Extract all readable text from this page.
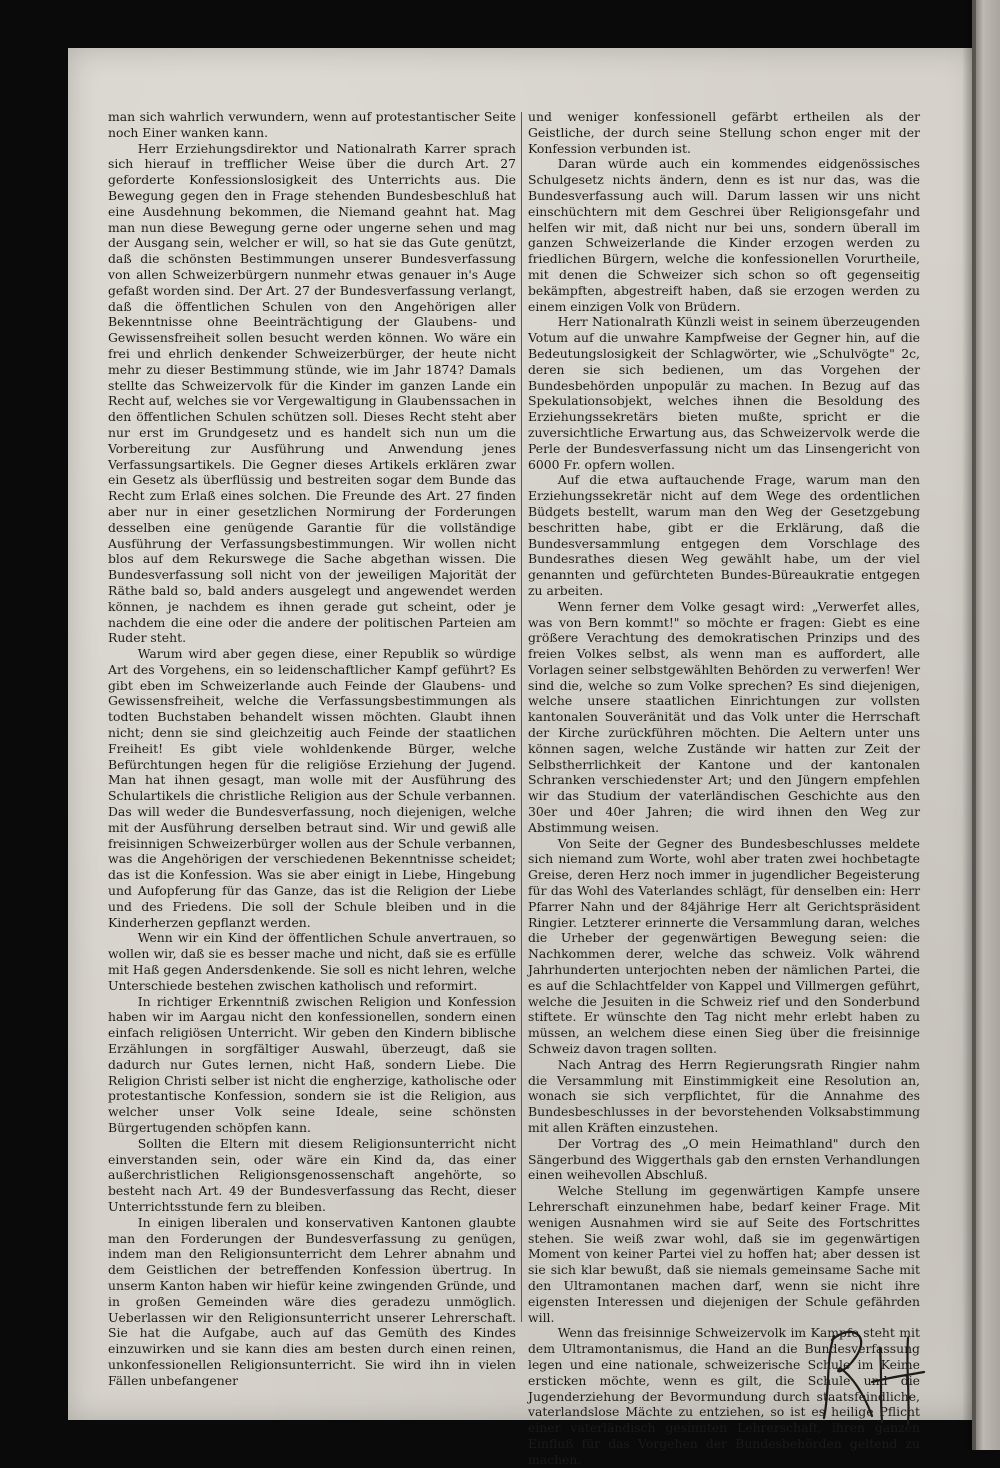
man sich wahrlich verwundern, wenn auf protestantischer Seite noch Einer wanken kann.

Herr Erziehungsdirektor und Nationalrath Karrer sprach sich hierauf in trefflicher Weise über die durch Art. 27 geforderte Konfessionslosigkeit des Unterrichts aus. Die Bewegung gegen den in Frage stehenden Bundesbeschluß hat eine Ausdehnung bekommen, die Niemand geahnt hat. Mag man nun diese Bewegung gerne oder ungerne sehen und mag der Ausgang sein, welcher er will, so hat sie das Gute genützt, daß die schönsten Bestimmungen unserer Bundesverfassung von allen Schweizerbürgern nunmehr etwas genauer in's Auge gefaßt worden sind. Der Art. 27 der Bundesverfassung verlangt, daß die öffentlichen Schulen von den Angehörigen aller Bekenntnisse ohne Beeinträchtigung der Glaubens- und Gewissensfreiheit sollen besucht werden können. Wo wäre ein frei und ehrlich denkender Schweizerbürger, der heute nicht mehr zu dieser Bestimmung stünde, wie im Jahr 1874? Damals stellte das Schweizervolk für die Kinder im ganzen Lande ein Recht auf, welches sie vor Vergewaltigung in Glaubenssachen in den öffentlichen Schulen schützen soll. Dieses Recht steht aber nur erst im Grundgesetz und es handelt sich nun um die Vorbereitung zur Ausführung und Anwendung jenes Verfassungsartikels. Die Gegner dieses Artikels erklären zwar ein Gesetz als überflüssig und bestreiten sogar dem Bunde das Recht zum Erlaß eines solchen. Die Freunde des Art. 27 finden aber nur in einer gesetzlichen Normirung der Forderungen desselben eine genügende Garantie für die vollständige Ausführung der Verfassungsbestimmungen. Wir wollen nicht blos auf dem Rekurswege die Sache abgethan wissen. Die Bundesverfassung soll nicht von der jeweiligen Majorität der Räthe bald so, bald anders ausgelegt und angewendet werden können, je nachdem es ihnen gerade gut scheint, oder je nachdem die eine oder die andere der politischen Parteien am Ruder steht.

Warum wird aber gegen diese, einer Republik so würdige Art des Vorgehens, ein so leidenschaftlicher Kampf geführt? Es gibt eben im Schweizerlande auch Feinde der Glaubens- und Gewissensfreiheit, welche die Verfassungsbestimmungen als todten Buchstaben behandelt wissen möchten. Glaubt ihnen nicht; denn sie sind gleichzeitig auch Feinde der staatlichen Freiheit! Es gibt viele wohldenkende Bürger, welche Befürchtungen hegen für die religiöse Erziehung der Jugend. Man hat ihnen gesagt, man wolle mit der Ausführung des Schulartikels die christliche Religion aus der Schule verbannen. Das will weder die Bundesverfassung, noch diejenigen, welche mit der Ausführung derselben betraut sind. Wir und gewiß alle freisinnigen Schweizerbürger wollen aus der Schule verbannen, was die Angehörigen der verschiedenen Bekenntnisse scheidet; das ist die Konfession. Was sie aber einigt in Liebe, Hingebung und Aufopferung für das Ganze, das ist die Religion der Liebe und des Friedens. Die soll der Schule bleiben und in die Kinderherzen gepflanzt werden.

Wenn wir ein Kind der öffentlichen Schule anvertrauen, so wollen wir, daß sie es besser mache und nicht, daß sie es erfülle mit Haß gegen Andersdenkende. Sie soll es nicht lehren, welche Unterschiede bestehen zwischen katholisch und reformirt.

In richtiger Erkenntniß zwischen Religion und Konfession haben wir im Aargau nicht den konfessionellen, sondern einen einfach religiösen Unterricht. Wir geben den Kindern biblische Erzählungen in sorgfältiger Auswahl, überzeugt, daß sie dadurch nur Gutes lernen, nicht Haß, sondern Liebe. Die Religion Christi selber ist nicht die engherzige, katholische oder protestantische Konfession, sondern sie ist die Religion, aus welcher unser Volk seine Ideale, seine schönsten Bürgertugenden schöpfen kann.

Sollten die Eltern mit diesem Religionsunterricht nicht einverstanden sein, oder wäre ein Kind da, das einer außerchristlichen Religionsgenossenschaft angehörte, so besteht nach Art. 49 der Bundesverfassung das Recht, dieser Unterrichtsstunde fern zu bleiben.

In einigen liberalen und konservativen Kantonen glaubte man den Forderungen der Bundesverfassung zu genügen, indem man den Religionsunterricht dem Lehrer abnahm und dem Geistlichen der betreffenden Konfession übertrug. In unserm Kanton haben wir hiefür keine zwingenden Gründe, und in großen Gemeinden wäre dies geradezu unmöglich. Ueberlassen wir den Religionsunterricht unserer Lehrerschaft. Sie hat die Aufgabe, auch auf das Gemüth des Kindes einzuwirken und sie kann dies am besten durch einen reinen, unkonfessionellen Religionsunterricht. Sie wird ihn in vielen Fällen unbefangener

und weniger konfessionell gefärbt ertheilen als der Geistliche, der durch seine Stellung schon enger mit der Konfession verbunden ist.

Daran würde auch ein kommendes eidgenössisches Schulgesetz nichts ändern, denn es ist nur das, was die Bundesverfassung auch will. Darum lassen wir uns nicht einschüchtern mit dem Geschrei über Religionsgefahr und helfen wir mit, daß nicht nur bei uns, sondern überall im ganzen Schweizerlande die Kinder erzogen werden zu friedlichen Bürgern, welche die konfessionellen Vorurtheile, mit denen die Schweizer sich schon so oft gegenseitig bekämpften, abgestreift haben, daß sie erzogen werden zu einem einzigen Volk von Brüdern.

Herr Nationalrath Künzli weist in seinem überzeugenden Votum auf die unwahre Kampfweise der Gegner hin, auf die Bedeutungslosigkeit der Schlagwörter, wie „Schulvögte" 2c, deren sie sich bedienen, um das Vorgehen der Bundesbehörden unpopulär zu machen. In Bezug auf das Spekulationsobjekt, welches ihnen die Besoldung des Erziehungssekretärs bieten mußte, spricht er die zuversichtliche Erwartung aus, das Schweizervolk werde die Perle der Bundesverfassung nicht um das Linsengericht von 6000 Fr. opfern wollen.

Auf die etwa auftauchende Frage, warum man den Erziehungssekretär nicht auf dem Wege des ordentlichen Büdgets bestellt, warum man den Weg der Gesetzgebung beschritten habe, gibt er die Erklärung, daß die Bundesversammlung entgegen dem Vorschlage des Bundesrathes diesen Weg gewählt habe, um der viel genannten und gefürchteten Bundes-Büreaukratie entgegen zu arbeiten.

Wenn ferner dem Volke gesagt wird: „Verwerfet alles, was von Bern kommt!" so möchte er fragen: Giebt es eine größere Verachtung des demokratischen Prinzips und des freien Volkes selbst, als wenn man es auffordert, alle Vorlagen seiner selbstgewählten Behörden zu verwerfen! Wer sind die, welche so zum Volke sprechen? Es sind diejenigen, welche unsere staatlichen Einrichtungen zur vollsten kantonalen Souveränität und das Volk unter die Herrschaft der Kirche zurückführen möchten. Die Aeltern unter uns können sagen, welche Zustände wir hatten zur Zeit der Selbstherrlichkeit der Kantone und der kantonalen Schranken verschiedenster Art; und den Jüngern empfehlen wir das Studium der vaterländischen Geschichte aus den 30er und 40er Jahren; die wird ihnen den Weg zur Abstimmung weisen.

Von Seite der Gegner des Bundesbeschlusses meldete sich niemand zum Worte, wohl aber traten zwei hochbetagte Greise, deren Herz noch immer in jugendlicher Begeisterung für das Wohl des Vaterlandes schlägt, für denselben ein: Herr Pfarrer Nahn und der 84jährige Herr alt Gerichtspräsident Ringier. Letzterer erinnerte die Versammlung daran, welches die Urheber der gegenwärtigen Bewegung seien: die Nachkommen derer, welche das schweiz. Volk während Jahrhunderten unterjochten neben der nämlichen Partei, die es auf die Schlachtfelder von Kappel und Villmergen geführt, welche die Jesuiten in die Schweiz rief und den Sonderbund stiftete. Er wünschte den Tag nicht mehr erlebt haben zu müssen, an welchem diese einen Sieg über die freisinnige Schweiz davon tragen sollten.

Nach Antrag des Herrn Regierungsrath Ringier nahm die Versammlung mit Einstimmigkeit eine Resolution an, wonach sie sich verpflichtet, für die Annahme des Bundesbeschlusses in der bevorstehenden Volksabstimmung mit allen Kräften einzustehen.

Der Vortrag des „O mein Heimathland" durch den Sängerbund des Wiggerthals gab den ernsten Verhandlungen einen weihevollen Abschluß.

Welche Stellung im gegenwärtigen Kampfe unsere Lehrerschaft einzunehmen habe, bedarf keiner Frage. Mit wenigen Ausnahmen wird sie auf Seite des Fortschrittes stehen. Sie weiß zwar wohl, daß sie im gegenwärtigen Moment von keiner Partei viel zu hoffen hat; aber dessen ist sie sich klar bewußt, daß sie niemals gemeinsame Sache mit den Ultramontanen machen darf, wenn sie nicht ihre eigensten Interessen und diejenigen der Schule gefährden will.

Wenn das freisinnige Schweizervolk im Kampfe steht mit dem Ultramontanismus, die Hand an die Bundesverfassung legen und eine nationale, schweizerische Schule im Keime ersticken möchte, wenn es gilt, die Schule und die Jugenderziehung der Bevormundung durch staatsfeindliche, vaterlandslose Mächte zu entziehen, so ist es heilige Pflicht einer vaterländisch gesinnten Lehrerschaft, ihren ganzen Einfluß für das Vorgehen der Bundesbehörden geltend zu machen.
